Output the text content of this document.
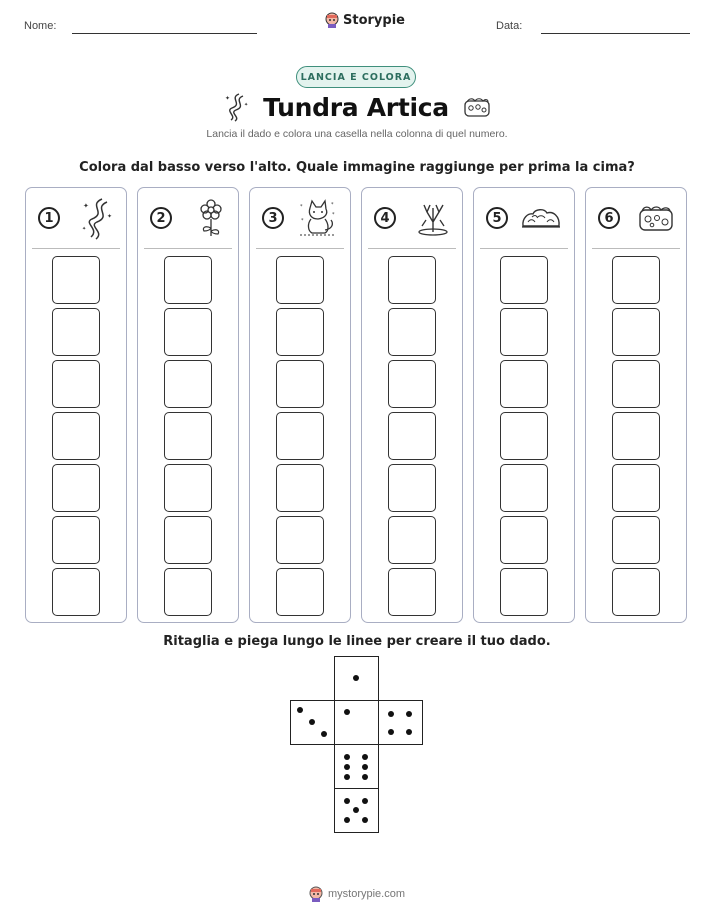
Nome:	Storypie	Data:
LANCIA E COLORA
✦
✦ Tundra Artica
Lancia il dado e colora una casella nella colonna di quel numero.
Colora dal basso verso l'alto. Quale immagine raggiunge per prima la cima?
1
✦
✦
✦
2	3
*	*
*
*	4	5	6
Ritaglia e piega lungo le linee per creare il tuo dado.
mystorypie.com
